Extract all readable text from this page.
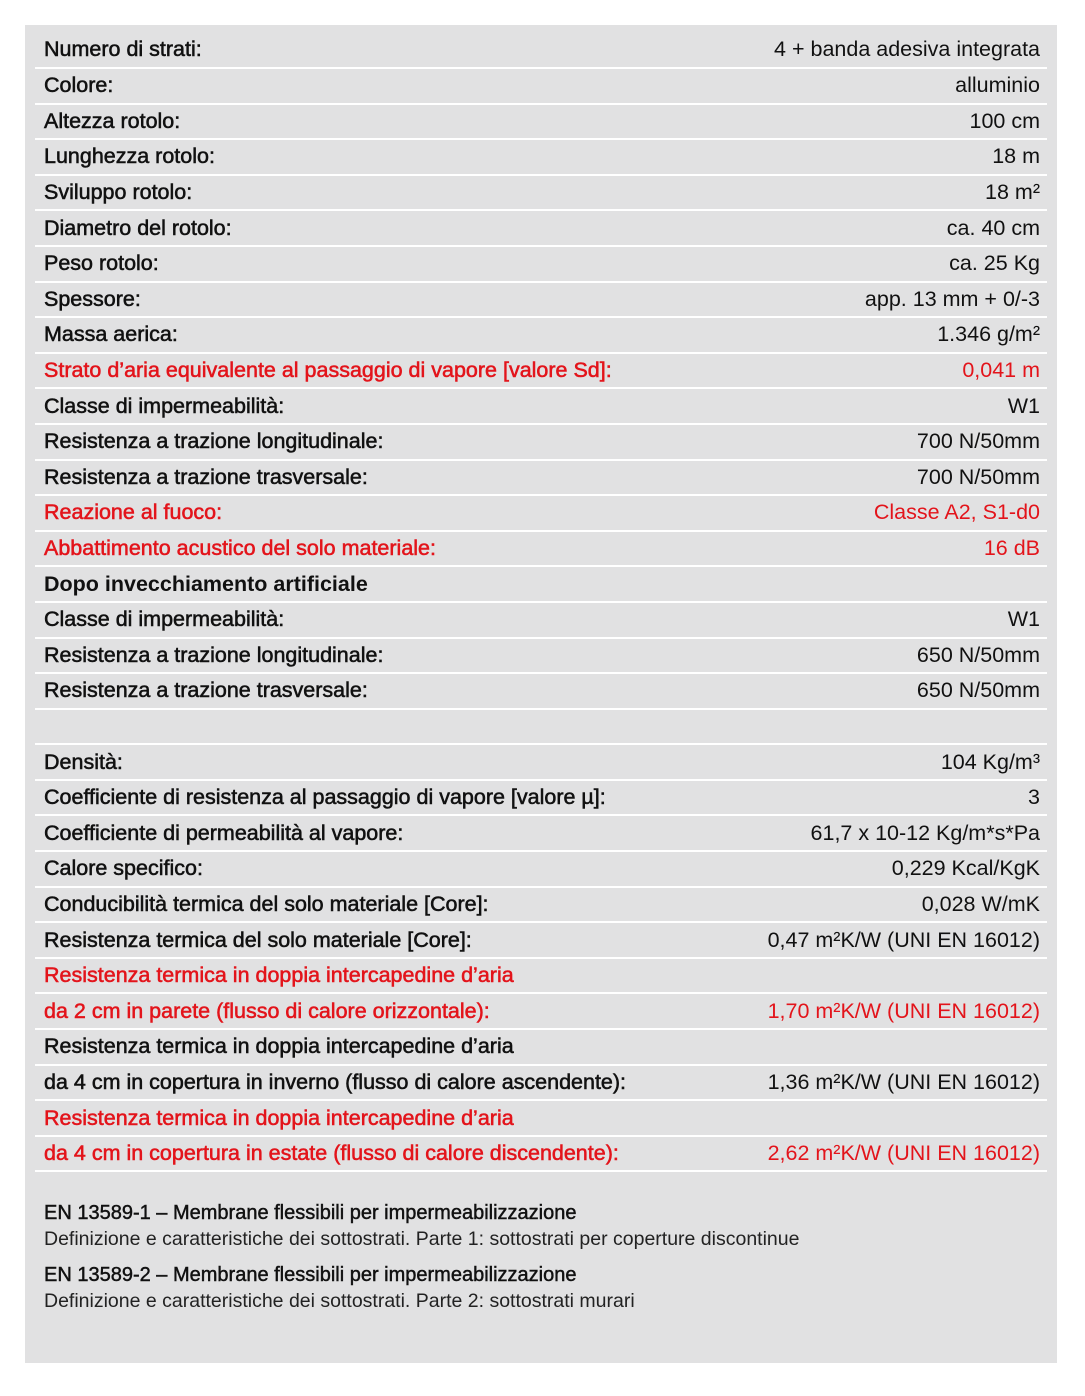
Numero di strati:	4 + banda adesiva integrata
Colore:	alluminio
Altezza rotolo:	100 cm
Lunghezza rotolo:	18 m
Sviluppo rotolo:	18 m²
Diametro del rotolo:	ca. 40 cm
Peso rotolo:	ca. 25 Kg
Spessore:	app. 13 mm + 0/-3
Massa aerica:	1.346 g/m²
Strato d’aria equivalente al passaggio di vapore [valore Sd]:	0,041 m
Classe di impermeabilità:	W1
Resistenza a trazione longitudinale:	700 N/50mm
Resistenza a trazione trasversale:	700 N/50mm
Reazione al fuoco:	Classe A2, S1-d0
Abbattimento acustico del solo materiale:	16 dB
Dopo invecchiamento artificiale
Classe di impermeabilità:	W1
Resistenza a trazione longitudinale:	650 N/50mm
Resistenza a trazione trasversale:	650 N/50mm
Densità:	104 Kg/m³
Coefficiente di resistenza al passaggio di vapore [valore µ]:	3
Coefficiente di permeabilità al vapore:	61,7 x 10-12 Kg/m*s*Pa
Calore specifico:	0,229 Kcal/KgK
Conducibilità termica del solo materiale [Core]:	0,028 W/mK
Resistenza termica del solo materiale [Core]:	0,47 m²K/W (UNI EN 16012)
Resistenza termica in doppia intercapedine d’aria
da 2 cm in parete (flusso di calore orizzontale):	1,70 m²K/W (UNI EN 16012)
Resistenza termica in doppia intercapedine d’aria
da 4 cm in copertura in inverno (flusso di calore ascendente):	1,36 m²K/W (UNI EN 16012)
Resistenza termica in doppia intercapedine d’aria
da 4 cm in copertura in estate (flusso di calore discendente):	2,62 m²K/W (UNI EN 16012)
EN 13589-1 – Membrane flessibili per impermeabilizzazione
Definizione e caratteristiche dei sottostrati. Parte 1: sottostrati per coperture discontinue
EN 13589-2 – Membrane flessibili per impermeabilizzazione
Definizione e caratteristiche dei sottostrati. Parte 2: sottostrati murari
